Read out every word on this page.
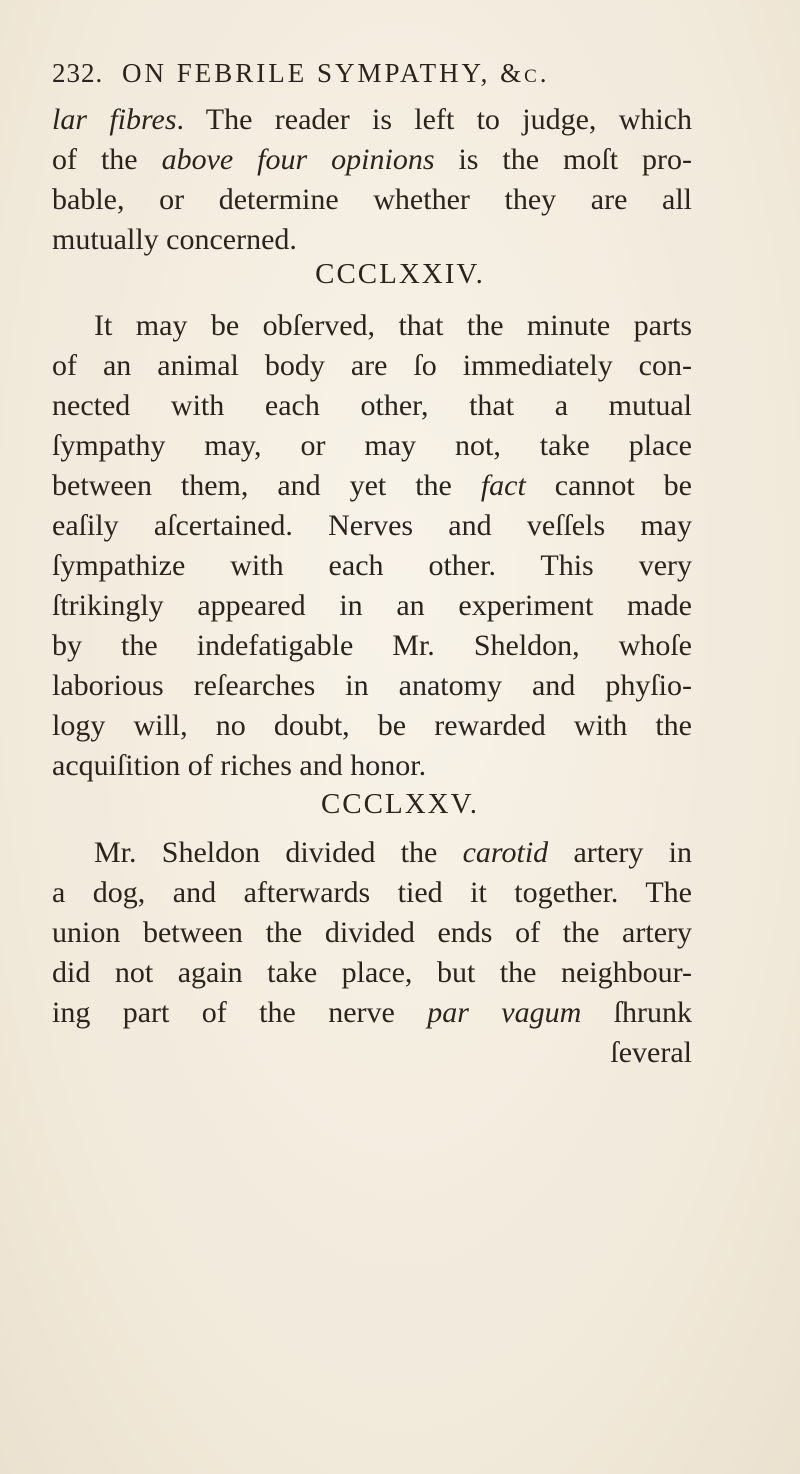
232. ON FEBRILE SYMPATHY, &c.
lar fibres. The reader is left to judge, which
of the above four opinions is the moſt pro-
bable, or determine whether they are all
mutually concerned.
CCCLXXIV.
It may be obſerved, that the minute parts
of an animal body are ſo immediately con-
nected with each other, that a mutual
ſympathy may, or may not, take place
between them, and yet the fact cannot be
eaſily aſcertained. Nerves and veſſels may
ſympathize with each other. This very
ſtrikingly appeared in an experiment made
by the indefatigable Mr. Sheldon, whoſe
laborious reſearches in anatomy and phyſio-
logy will, no doubt, be rewarded with the
acquiſition of riches and honor.
CCCLXXV.
Mr. Sheldon divided the carotid artery in
a dog, and afterwards tied it together. The
union between the divided ends of the artery
did not again take place, but the neighbour-
ing part of the nerve par vagum ſhrunk
ſeveral
